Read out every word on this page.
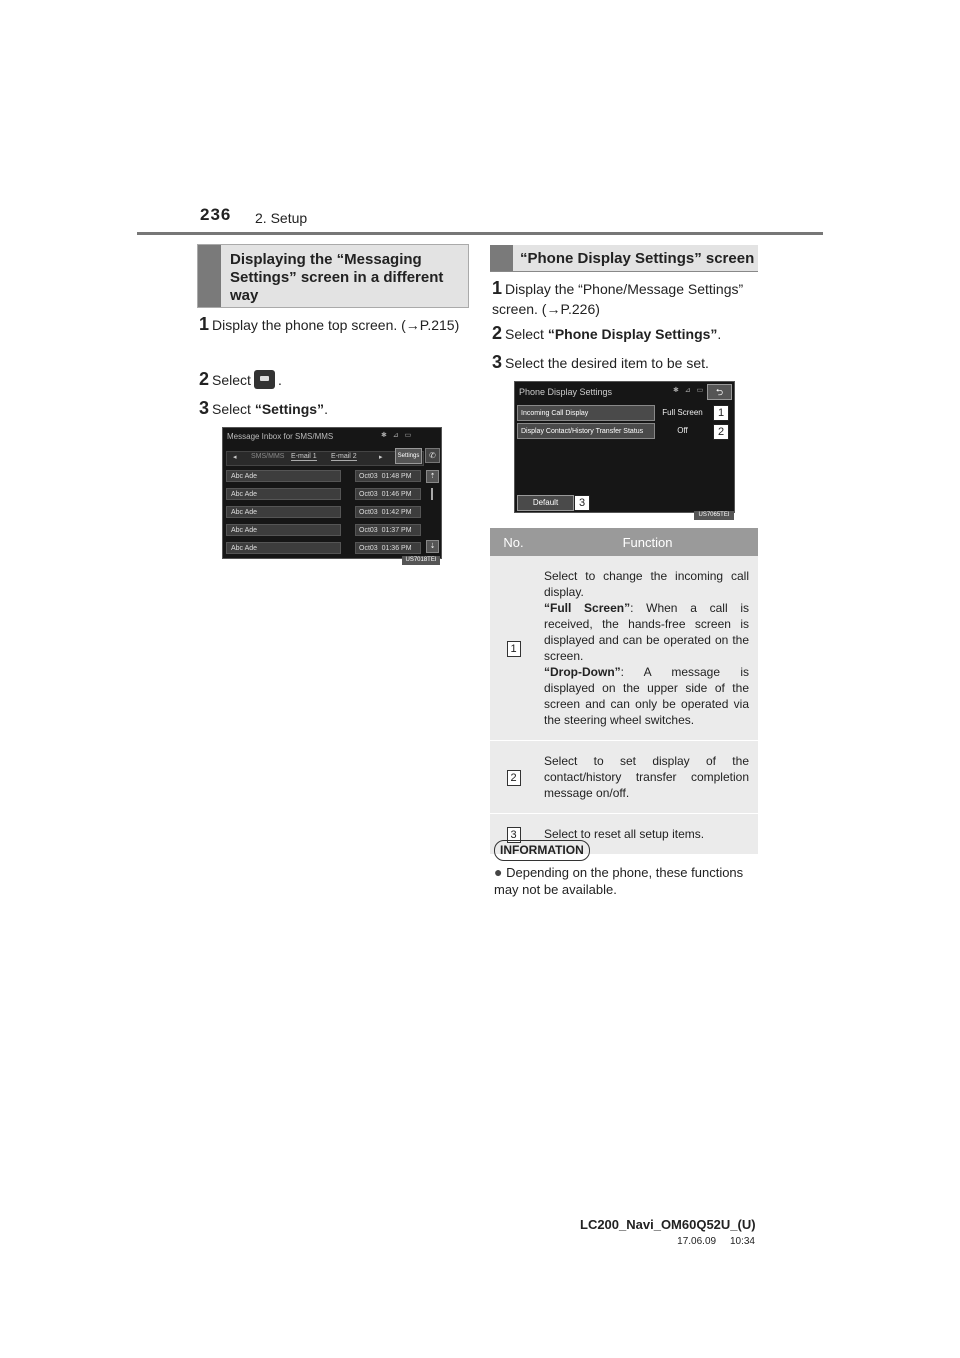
236 2. Setup
Displaying the “Messaging Settings” screen in a different way
1 Display the phone top screen. (→P.215)
2 Select .
3 Select “Settings”.
Message Inbox for SMS/MMS	✱ ⊿ ▭
◂ SMS/MMS E-mail 1 E-mail 2	▸	Settings	✆
Abc Ade	Oct03 01:48 PM
Abc Ade	Oct03 01:46 PM
Abc Ade	Oct03 01:42 PM
Abc Ade	Oct03 01:37 PM
Abc Ade	Oct03 01:36 PM
⇡
⇣
US7018TEI
“Phone Display Settings” screen
1 Display the “Phone/Message Settings” screen. (→P.226)
2 Select “Phone Display Settings”.
3 Select the desired item to be set.
Phone Display Settings	✱ ⊿ ▭	⮌
Incoming Call Display	Full Screen	1
Display Contact/History Transfer Status	Off	2
Default	3
US7065TEI
No.	Function
1	Select to change the incoming call display.
“Full Screen”: When a call is received, the hands-free screen is displayed and can be operated on the screen.
“Drop-Down”: A message is displayed on the upper side of the screen and can only be operated via the steering wheel switches.

2	Select to set display of the contact/history transfer completion message on/off.
3	Select to reset all setup items.
INFORMATION
● Depending on the phone, these functions may not be available.
LC200_Navi_OM60Q52U_(U)
17.06.09     10:34
